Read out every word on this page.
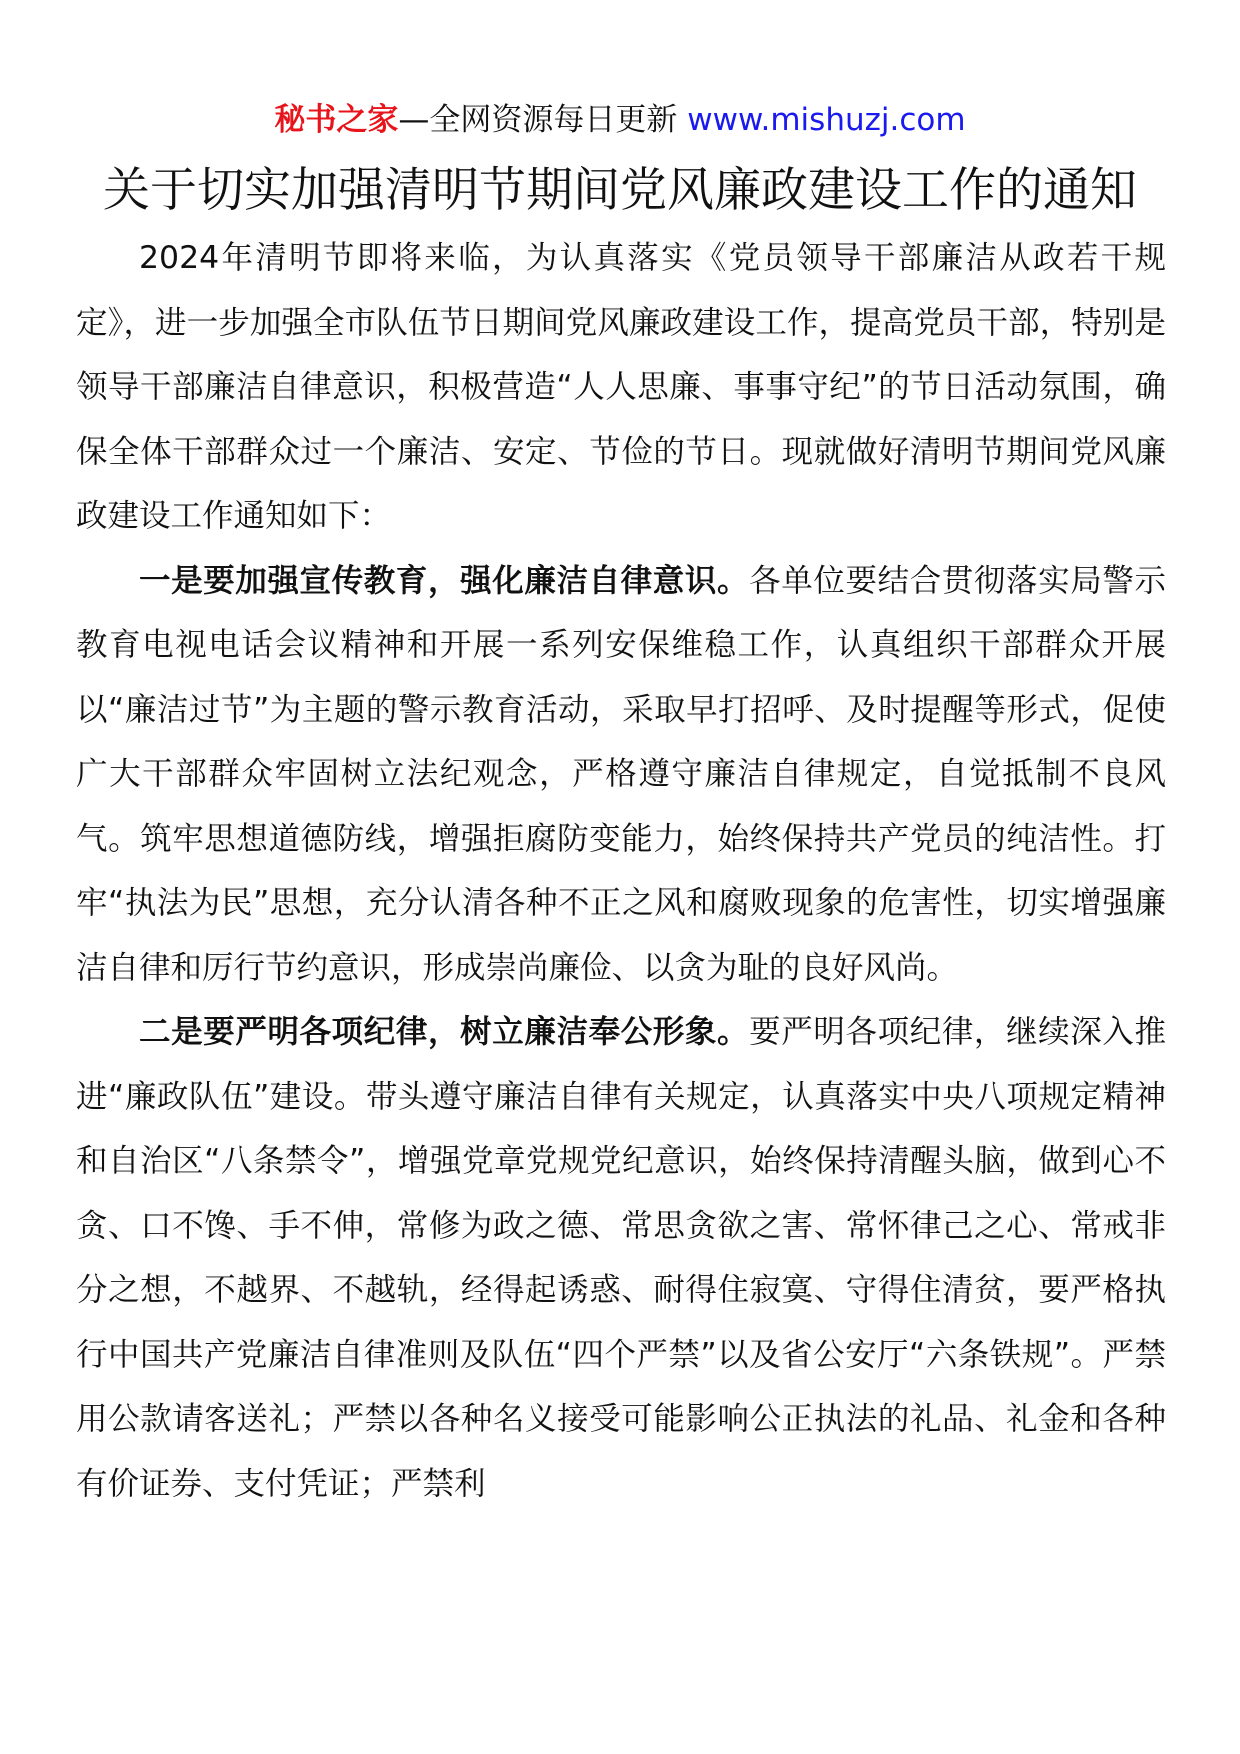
秘书之家—全网资源每日更新 www.mishuzj.com
关于切实加强清明节期间党风廉政建设工作的通知

2024年清明节即将来临，为认真落实《党员领导干部廉洁从政若干规定》，进一步加强全市队伍节日期间党风廉政建设工作，提高党员干部，特别是领导干部廉洁自律意识，积极营造“人人思廉、事事守纪”的节日活动氛围，确保全体干部群众过一个廉洁、安定、节俭的节日。现就做好清明节期间党风廉政建设工作通知如下：

一是要加强宣传教育，强化廉洁自律意识。各单位要结合贯彻落实局警示教育电视电话会议精神和开展一系列安保维稳工作，认真组织干部群众开展以“廉洁过节”为主题的警示教育活动，采取早打招呼、及时提醒等形式，促使广大干部群众牢固树立法纪观念，严格遵守廉洁自律规定，自觉抵制不良风气。筑牢思想道德防线，增强拒腐防变能力，始终保持共产党员的纯洁性。打牢“执法为民”思想，充分认清各种不正之风和腐败现象的危害性，切实增强廉洁自律和厉行节约意识，形成崇尚廉俭、以贪为耻的良好风尚。

二是要严明各项纪律，树立廉洁奉公形象。要严明各项纪律，继续深入推进“廉政队伍”建设。带头遵守廉洁自律有关规定，认真落实中央八项规定精神和自治区“八条禁令”，增强党章党规党纪意识，始终保持清醒头脑，做到心不贪、口不馋、手不伸，常修为政之德、常思贪欲之害、常怀律己之心、常戒非分之想，不越界、不越轨，经得起诱惑、耐得住寂寞、守得住清贫，要严格执行中国共产党廉洁自律准则及队伍“四个严禁”以及省公安厅“六条铁规”。严禁用公款请客送礼；严禁以各种名义接受可能影响公正执法的礼品、礼金和各种有价证券、支付凭证；严禁利
